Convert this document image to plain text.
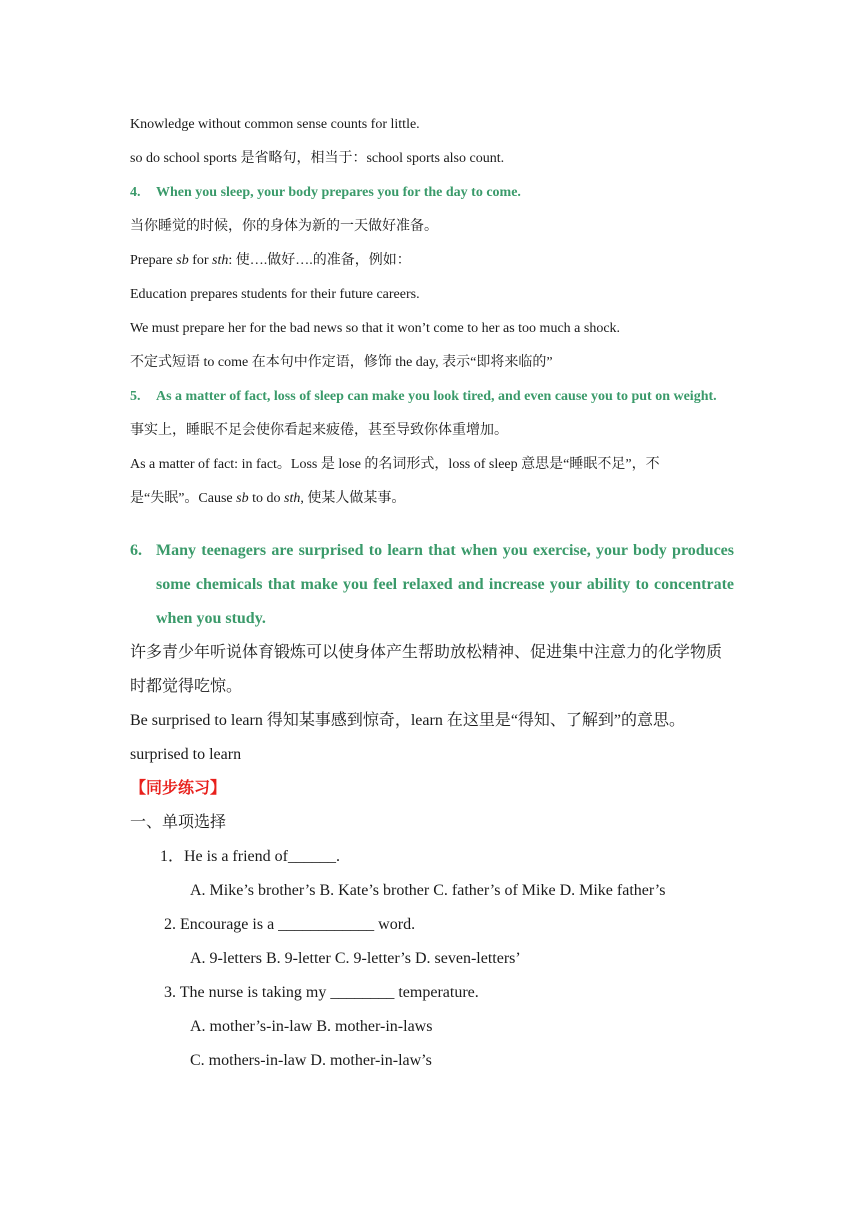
Knowledge without common sense counts for little.

so do school sports 是省略句，相当于：school sports also count.

4.	When you sleep, your body prepares you for the day to come.

当你睡觉的时候，你的身体为新的一天做好准备。

Prepare sb for sth: 使….做好….的准备，例如：

Education prepares students for their future careers.

We must prepare her for the bad news so that it won’t come to her as too much a shock.

不定式短语 to come 在本句中作定语，修饰 the day, 表示“即将来临的”

5.	As a matter of fact, loss of sleep can make you look tired, and even cause you to put on weight.

事实上，睡眠不足会使你看起来疲倦，甚至导致你体重增加。

As a matter of fact: in fact。Loss 是 lose 的名词形式，loss of sleep 意思是“睡眠不足”，不

是“失眠”。Cause sb to do sth, 使某人做某事。

6. Many teenagers are surprised to learn that when you exercise, your body produces some chemicals that make you feel relaxed and increase your ability to concentrate when you study.

许多青少年听说体育锻炼可以使身体产生帮助放松精神、促进集中注意力的化学物质时都觉得吃惊。

Be surprised to learn 得知某事感到惊奇，learn 在这里是“得知、了解到”的意思。

surprised to learn

【同步练习】

一、单项选择

1．He is a friend of______.

A. Mike’s brother’s B. Kate’s brother C. father’s of Mike D. Mike father’s

2. Encourage is a ____________ word.

A. 9-letters B. 9-letter C. 9-letter’s D. seven-letters’

3. The nurse is taking my ________ temperature.

A. mother’s-in-law B. mother-in-laws

C. mothers-in-law D. mother-in-law’s
